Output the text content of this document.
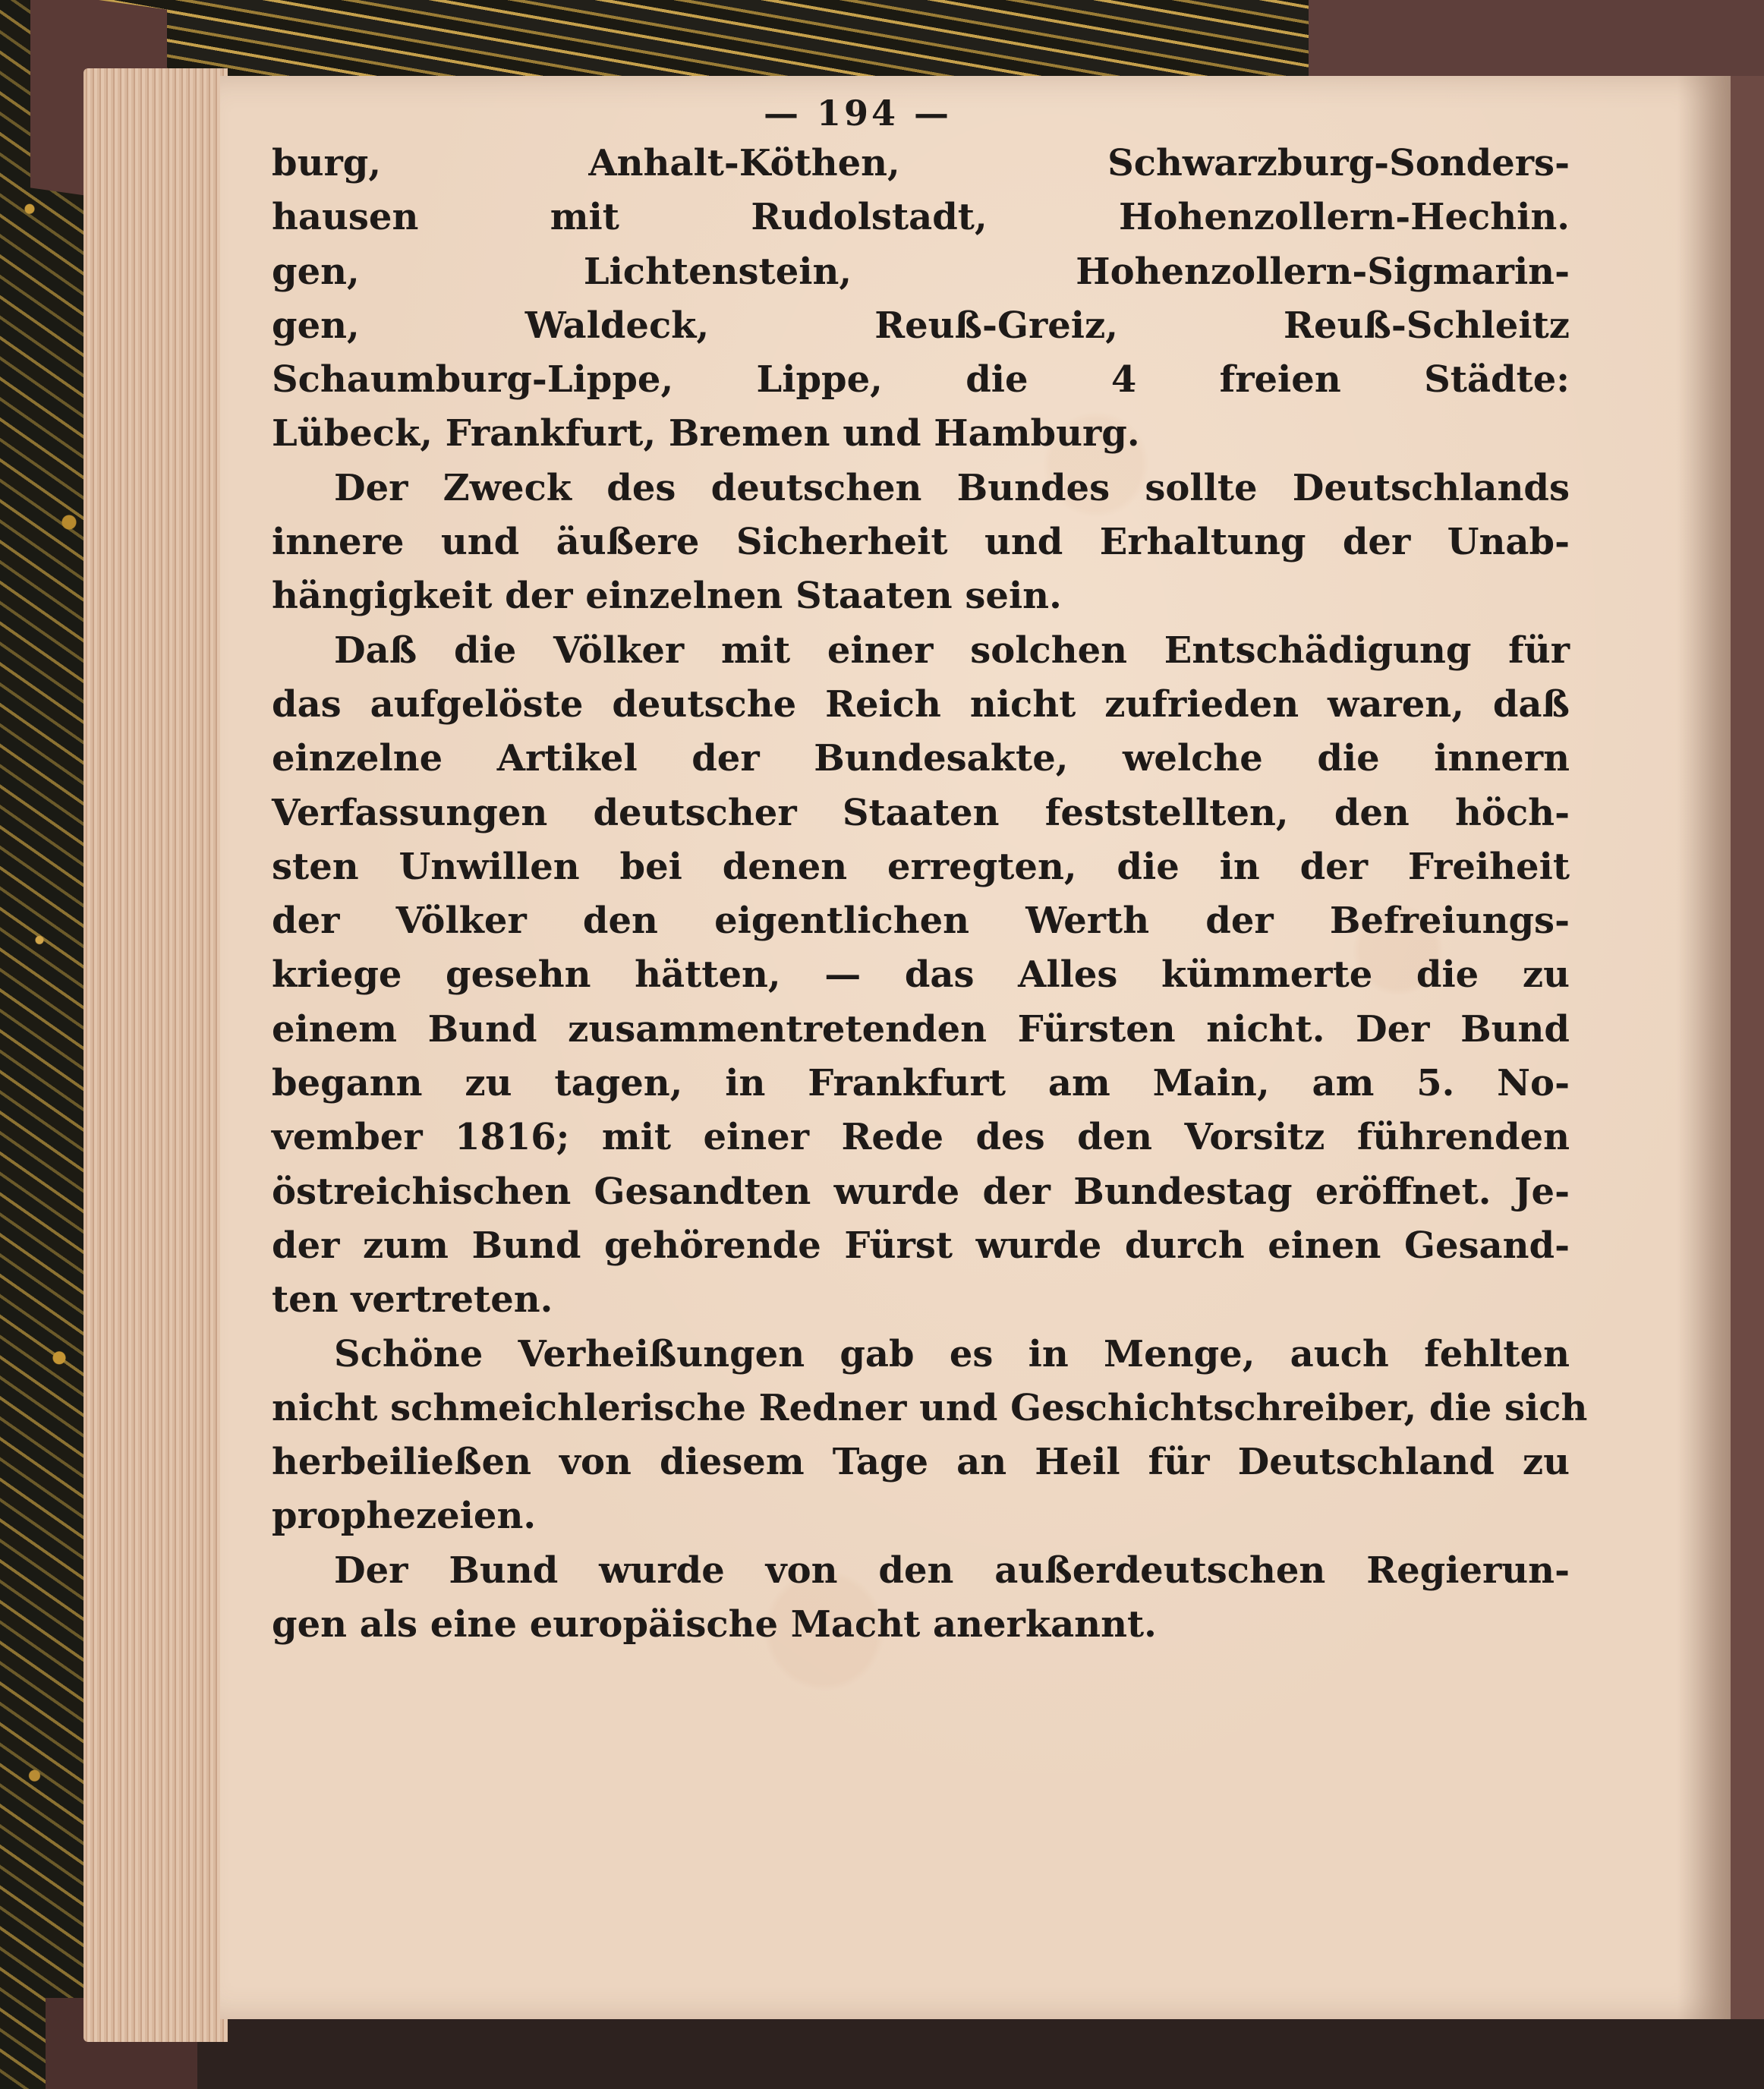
— 194 —
burg, Anhalt-Köthen, Schwarzburg-Sonders-
hausen mit Rudolstadt, Hohenzollern-Hechin.
gen, Lichtenstein, Hohenzollern-Sigmarin-
gen, Waldeck, Reuß-Greiz, Reuß-Schleitz
Schaumburg-Lippe, Lippe, die 4 freien Städte:
Lübeck, Frankfurt, Bremen und Hamburg.
Der Zweck des deutschen Bundes sollte Deutschlands
innere und äußere Sicherheit und Erhaltung der Unab-
hängigkeit der einzelnen Staaten sein.
Daß die Völker mit einer solchen Entschädigung für
das aufgelöste deutsche Reich nicht zufrieden waren, daß
einzelne Artikel der Bundesakte, welche die innern
Verfassungen deutscher Staaten feststellten, den höch-
sten Unwillen bei denen erregten, die in der Freiheit
der Völker den eigentlichen Werth der Befreiungs-
kriege gesehn hätten, — das Alles kümmerte die zu
einem Bund zusammentretenden Fürsten nicht. Der Bund
begann zu tagen, in Frankfurt am Main, am 5. No-
vember 1816; mit einer Rede des den Vorsitz führenden
östreichischen Gesandten wurde der Bundestag eröffnet. Je-
der zum Bund gehörende Fürst wurde durch einen Gesand-
ten vertreten.
Schöne Verheißungen gab es in Menge, auch fehlten
nicht schmeichlerische Redner und Geschichtschreiber, die sich
herbeiließen von diesem Tage an Heil für Deutschland zu
prophezeien.
Der Bund wurde von den außerdeutschen Regierun-
gen als eine europäische Macht anerkannt.
